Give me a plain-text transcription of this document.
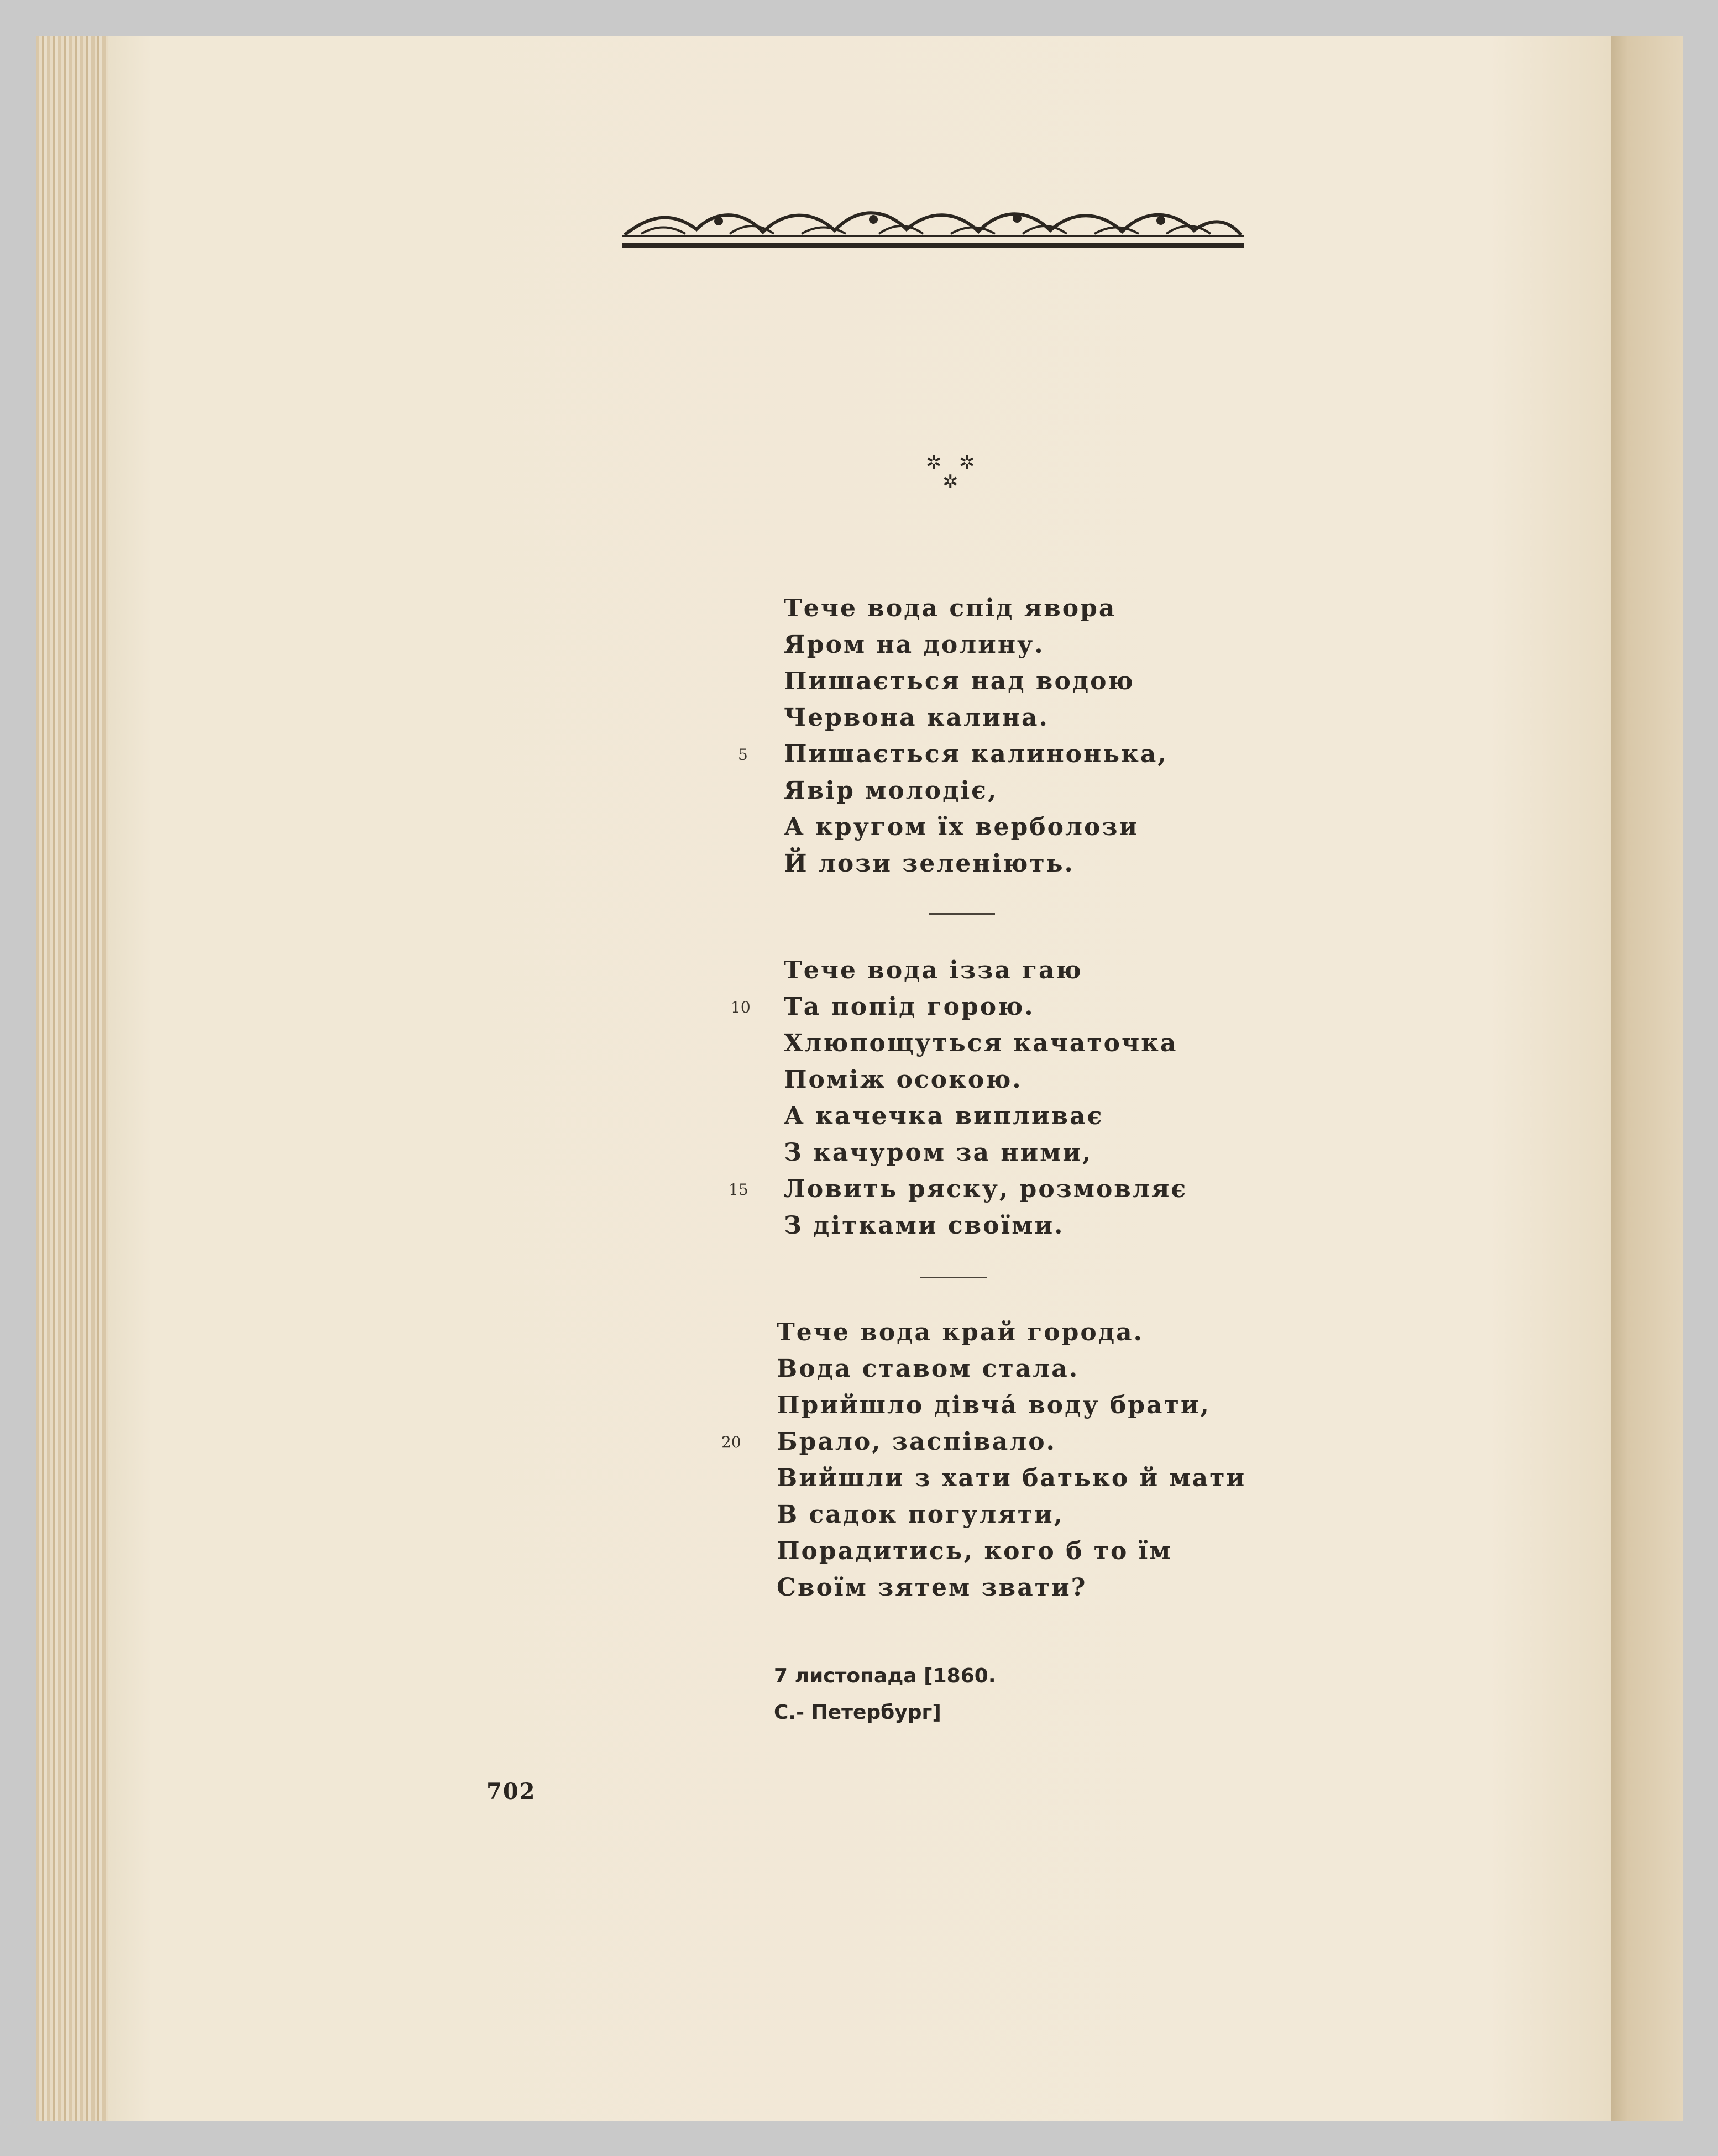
✲ ✲
✲
Тече вода спід явора
Яром на долину.
Пишається над водою
Червона калина.
5 Пишається калинонька,
Явір молодіє,
А кругом їх верболози
Й лози зеленіють.
Тече вода ізза гаю
10 Та попід горою.
Хлюпощуться качаточка
Поміж осокою.
А качечка випливає
З качуром за ними,
15 Ловить ряску, розмовляє
З дітками своїми.
Тече вода край города.
Вода ставом стала.
Прийшло дівча́ воду брати,
20 Брало, заспівало.
Вийшли з хати батько й мати
В садок погуляти,
Порадитись, кого б то їм
Своїм зятем звати?
7 листопада [1860.
С.- Петербург]
702
